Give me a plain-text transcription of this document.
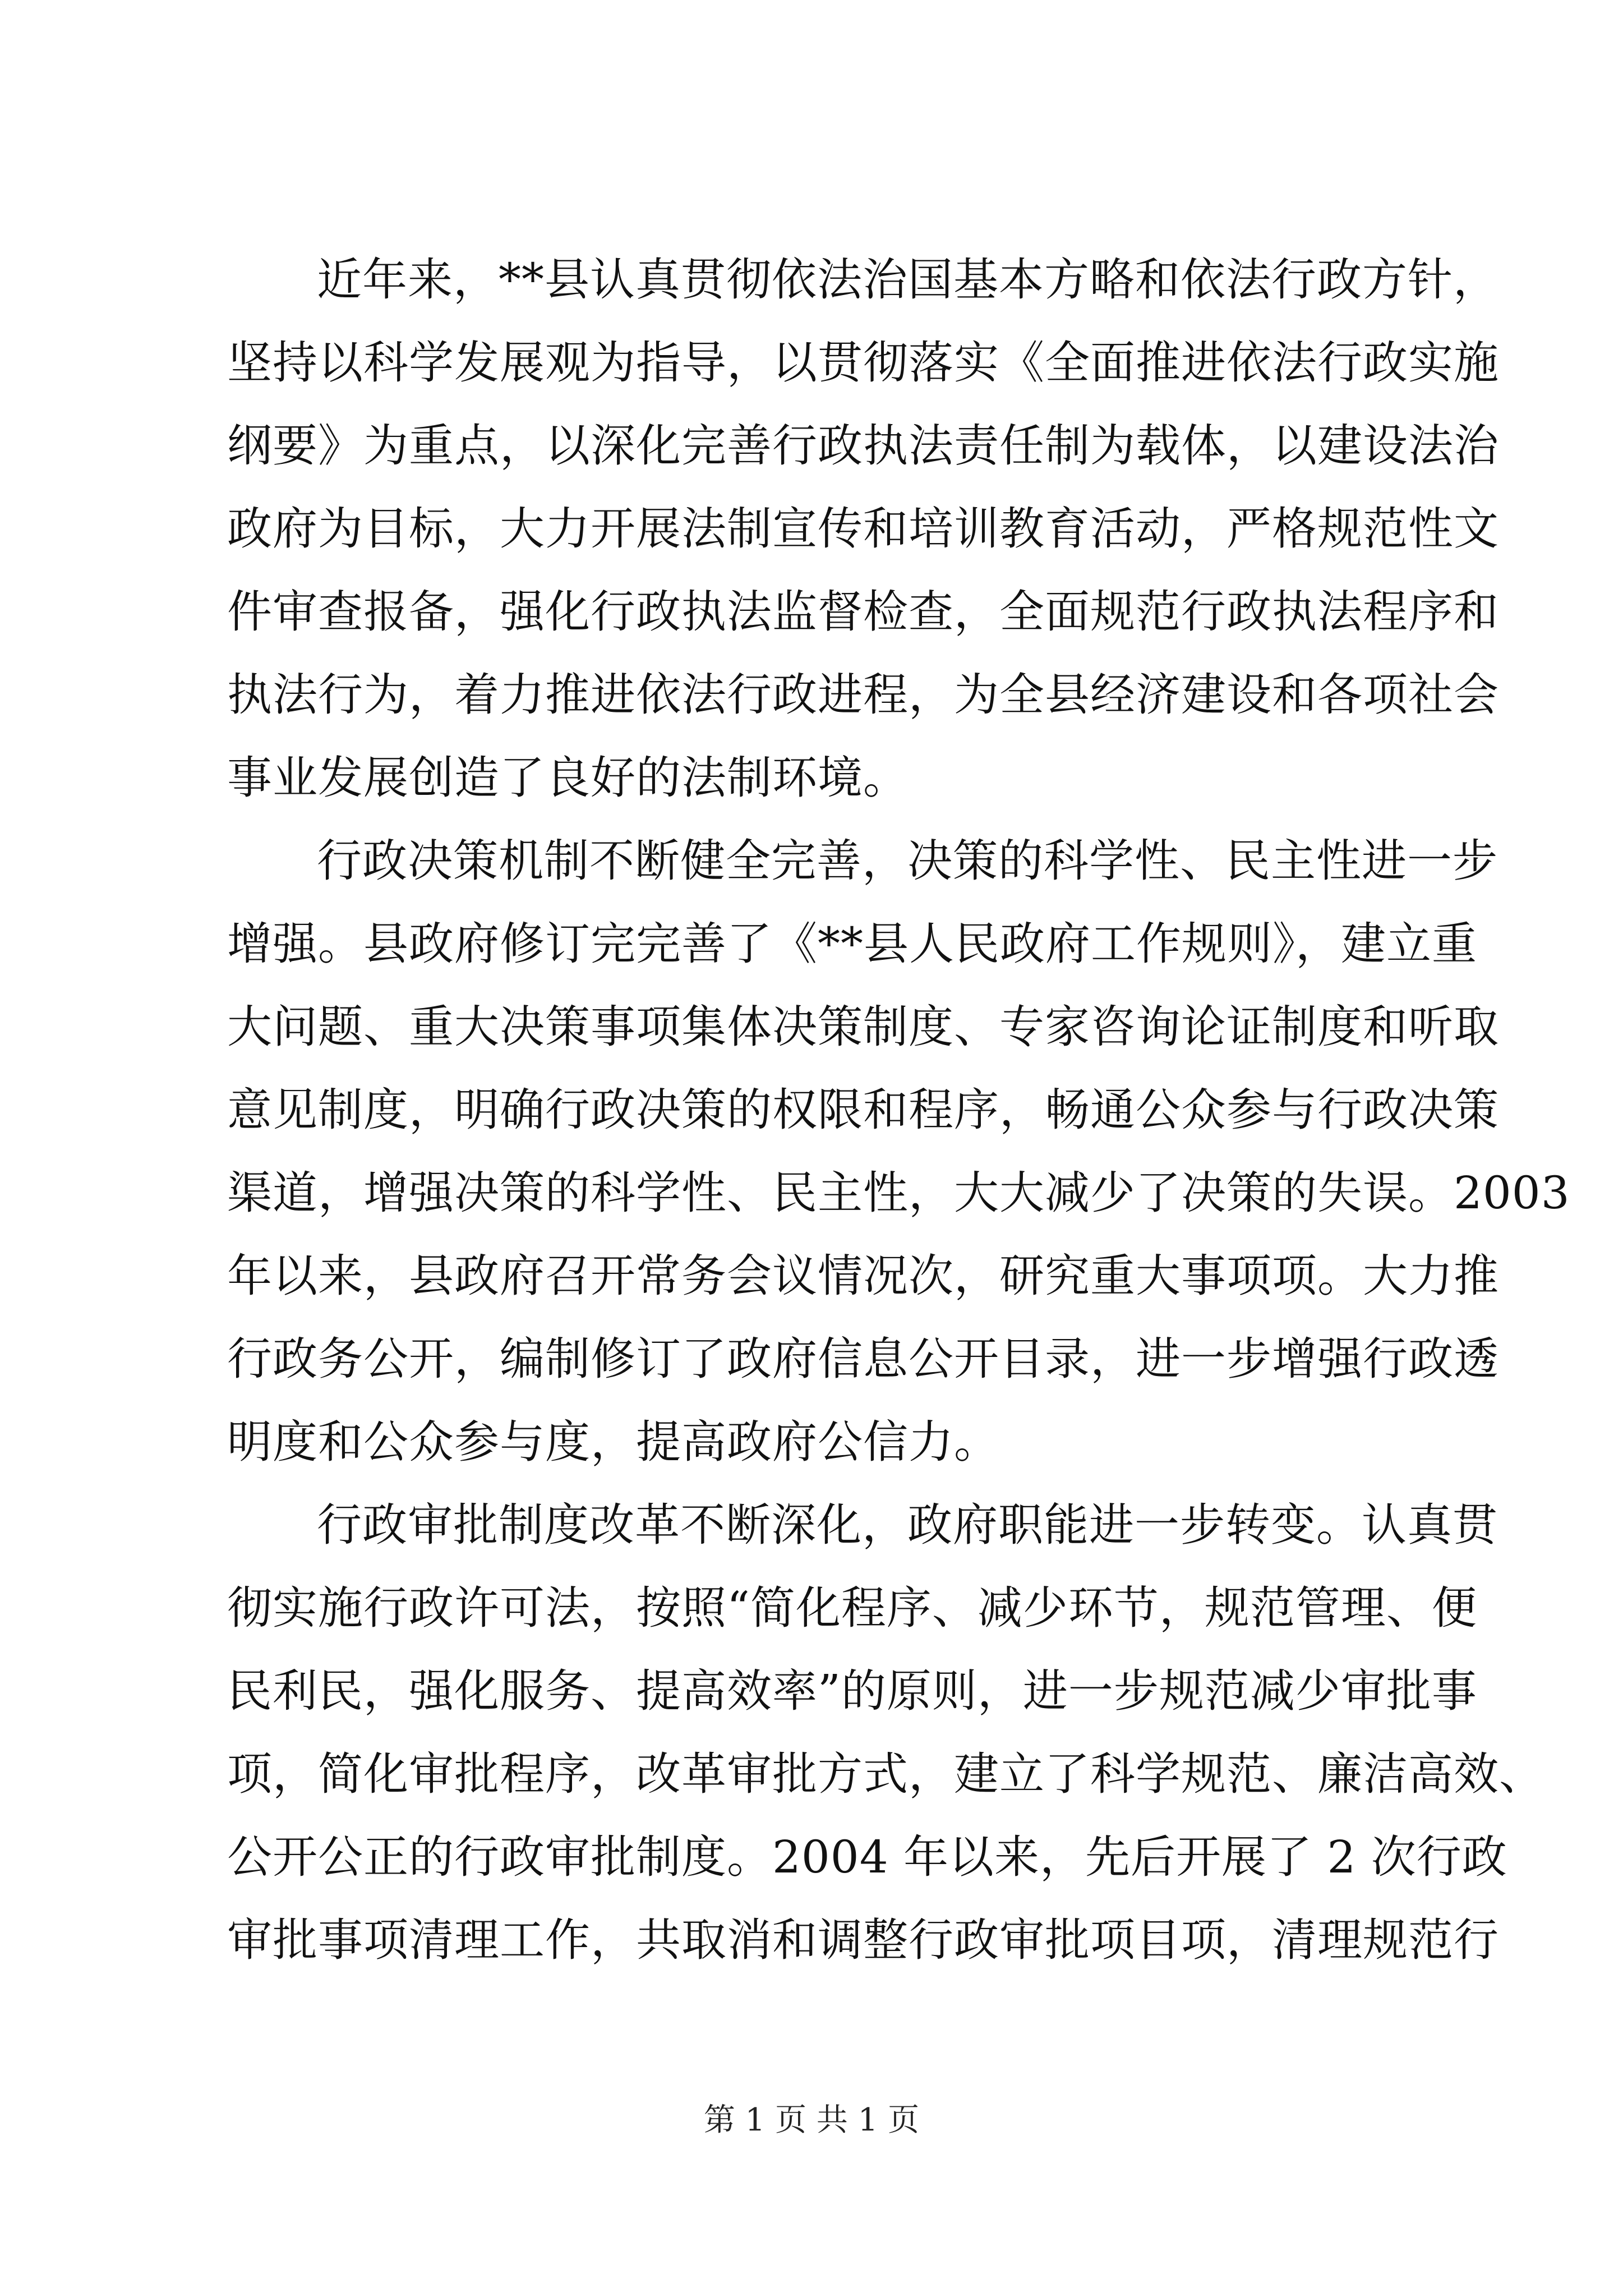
近年来，**县认真贯彻依法治国基本方略和依法行政方针，
坚持以科学发展观为指导，以贯彻落实《全面推进依法行政实施
纲要》为重点，以深化完善行政执法责任制为载体，以建设法治
政府为目标，大力开展法制宣传和培训教育活动，严格规范性文
件审查报备，强化行政执法监督检查，全面规范行政执法程序和
执法行为，着力推进依法行政进程，为全县经济建设和各项社会
事业发展创造了良好的法制环境。
行政决策机制不断健全完善，决策的科学性、民主性进一步
增强。县政府修订完完善了《**县人民政府工作规则》，建立重
大问题、重大决策事项集体决策制度、专家咨询论证制度和听取
意见制度，明确行政决策的权限和程序，畅通公众参与行政决策
渠道，增强决策的科学性、民主性，大大减少了决策的失误。2003
年以来，县政府召开常务会议情况次，研究重大事项项。大力推
行政务公开，编制修订了政府信息公开目录，进一步增强行政透
明度和公众参与度，提高政府公信力。
行政审批制度改革不断深化，政府职能进一步转变。认真贯
彻实施行政许可法，按照“简化程序、减少环节，规范管理、便
民利民，强化服务、提高效率”的原则，进一步规范减少审批事
项，简化审批程序，改革审批方式，建立了科学规范、廉洁高效、
公开公正的行政审批制度。2004 年以来，先后开展了 2 次行政
审批事项清理工作，共取消和调整行政审批项目项，清理规范行
第 1 页 共 1 页
